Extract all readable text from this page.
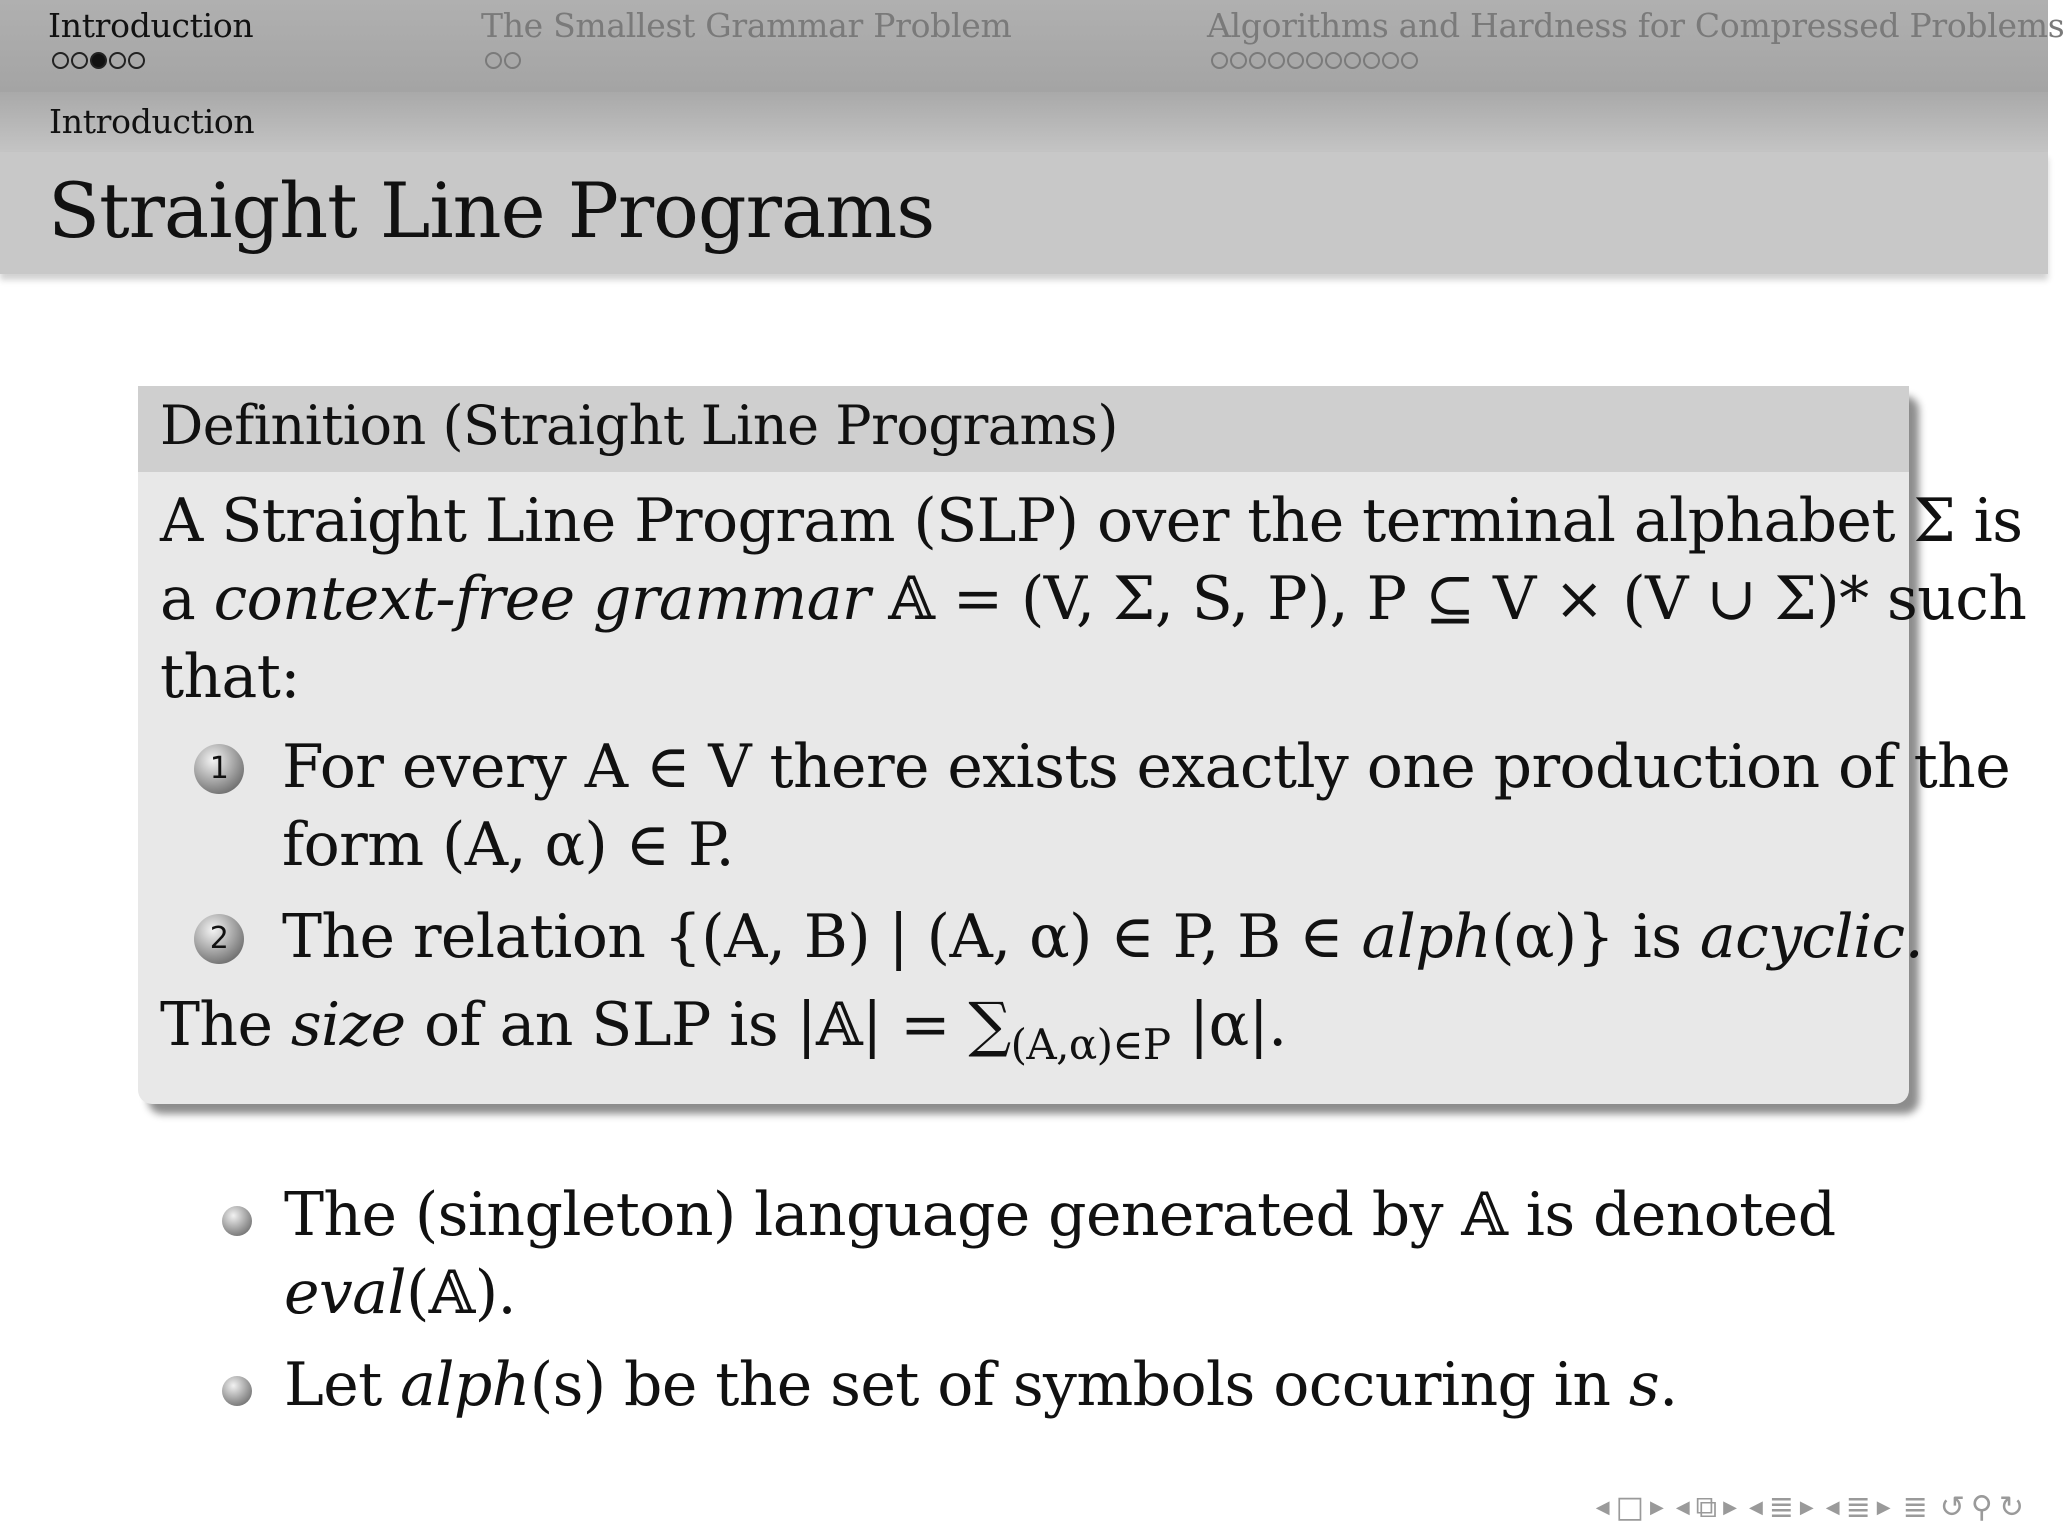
Introduction	The Smallest Grammar Problem	Algorithms and Hardness for Compressed Problems
Introduction
Straight Line Programs
Definition (Straight Line Programs)
A Straight Line Program (SLP) over the terminal alphabet Σ is
a context-free grammar 𝔸 = (V, Σ, S, P), P ⊆ V × (V ∪ Σ)* such
that:
1 For every A ∈ V there exists exactly one production of the
form (A, α) ∈ P.
2 The relation {(A, B) | (A, α) ∈ P, B ∈ alph(α)} is acyclic.
The size of an SLP is |𝔸| = $\sum_{(A,\alpha)\in P}$ |α|.
The (singleton) language generated by 𝔸 is denoted
eval(𝔸).
Let alph(s) be the set of symbols occuring in s.
◀ □ ▶ ◀ ⧉ ▶ ◀ ≣ ▶ ◀ ≣ ▶ ≣ ↺ ⚲ ↻
